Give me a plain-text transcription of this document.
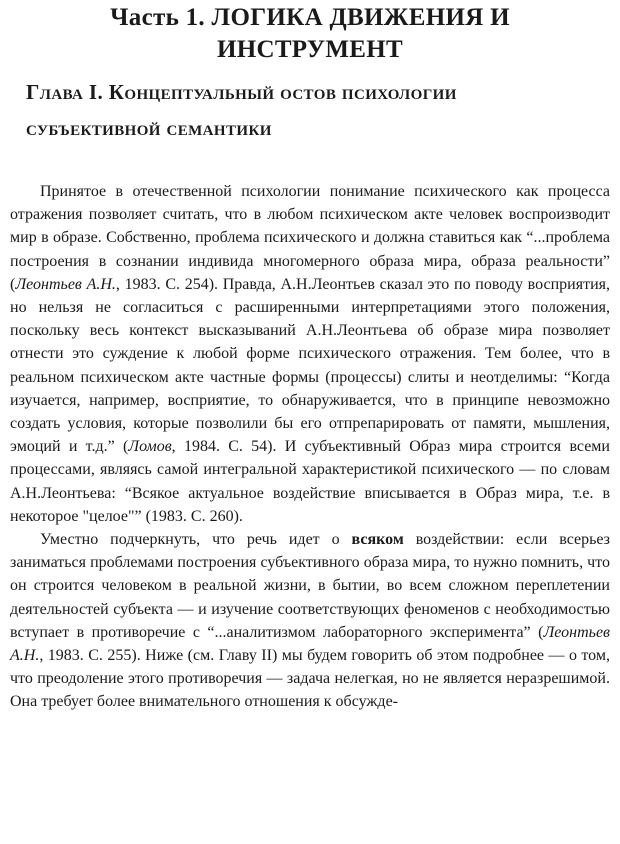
Часть 1. ЛОГИКА ДВИЖЕНИЯ И
ИНСТРУМЕНТ
Глава I. Концептуальный остов психологии
субъективной семантики

Принятое в отечественной психологии понимание психического как процесса отражения позволяет считать, что в любом психическом акте человек воспроизводит мир в образе. Собственно, проблема психического и должна ставиться как “...проблема построения в сознании индивида многомерного образа мира, образа реальности” (Леонтьев А.Н., 1983. С. 254). Правда, А.Н.Леонтьев сказал это по поводу восприятия, но нельзя не согласиться с расширенными интерпретациями этого положения, поскольку весь контекст высказываний А.Н.Леонтьева об образе мира позволяет отнести это суждение к любой форме психического отражения. Тем более, что в реальном психическом акте частные формы (процессы) слиты и неотделимы: “Когда изучается, например, восприятие, то обнаруживается, что в принципе невозможно создать условия, которые позволили бы его отпрепарировать от памяти, мышления, эмоций и т.д.” (Ломов, 1984. С. 54). И субъективный Образ мира строится всеми процессами, являясь самой интегральной характеристикой психического — по словам А.Н.Леонтьева: “Всякое актуальное воздействие вписывается в Образ мира, т.е. в некоторое "целое"” (1983. С. 260).

Уместно подчеркнуть, что речь идет о всяком воздействии: если всерьез заниматься проблемами построения субъективного образа мира, то нужно помнить, что он строится человеком в реальной жизни, в бытии, во всем сложном переплетении деятельностей субъекта — и изучение соответствующих феноменов с необходимостью вступает в противоречие с “...аналитизмом лабораторного эксперимента” (Леонтьев А.Н., 1983. С. 255). Ниже (см. Главу II) мы будем говорить об этом подробнее — о том, что преодоление этого противоречия — задача нелегкая, но не является неразрешимой. Она требует более внимательного отношения к обсужде-
